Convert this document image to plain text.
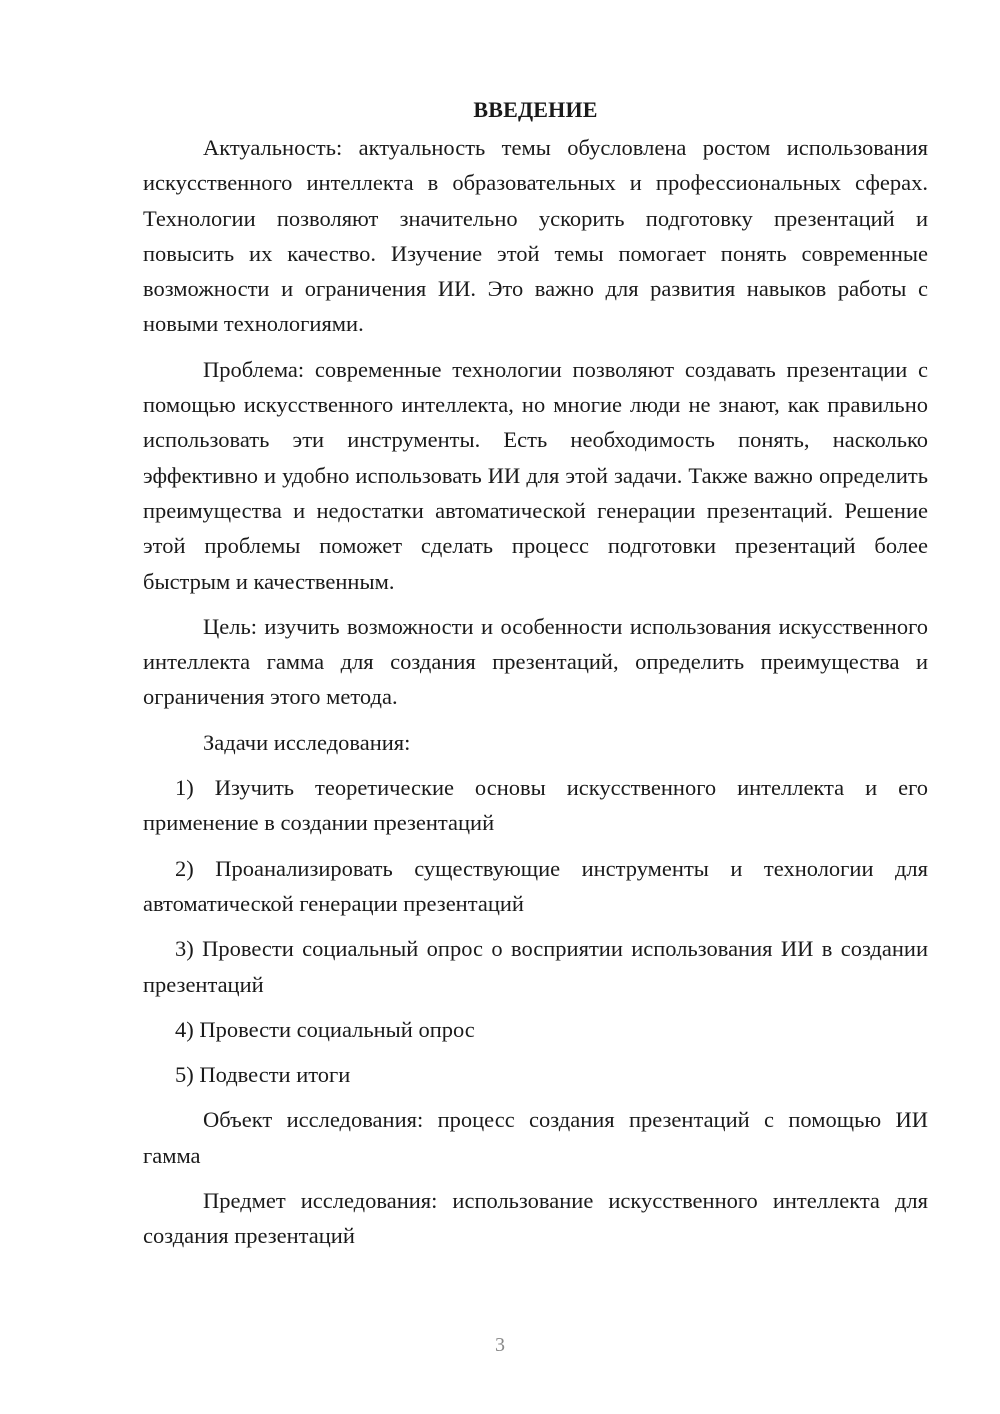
ВВЕДЕНИЕ

Актуальность: актуальность темы обусловлена ростом использования искусственного интеллекта в образовательных и профессиональных сферах. Технологии позволяют значительно ускорить подготовку презентаций и повысить их качество. Изучение этой темы помогает понять современные возможности и ограничения ИИ. Это важно для развития навыков работы с новыми технологиями.

Проблема: современные технологии позволяют создавать презентации с помощью искусственного интеллекта, но многие люди не знают, как правильно использовать эти инструменты. Есть необходимость понять, насколько эффективно и удобно использовать ИИ для этой задачи. Также важно определить преимущества и недостатки автоматической генерации презентаций. Решение этой проблемы поможет сделать процесс подготовки презентаций более быстрым и качественным.

Цель: изучить возможности и особенности использования искусственного интеллекта гамма для создания презентаций, определить преимущества и ограничения этого метода.

Задачи исследования:

1) Изучить теоретические основы искусственного интеллекта и его применение в создании презентаций

2) Проанализировать существующие инструменты и технологии для автоматической генерации презентаций

3) Провести социальный опрос о восприятии использования ИИ в создании презентаций

4) Провести социальный опрос

5) Подвести итоги

Объект исследования: процесс создания презентаций с помощью ИИ гамма

Предмет исследования: использование искусственного интеллекта для создания презентаций

3
